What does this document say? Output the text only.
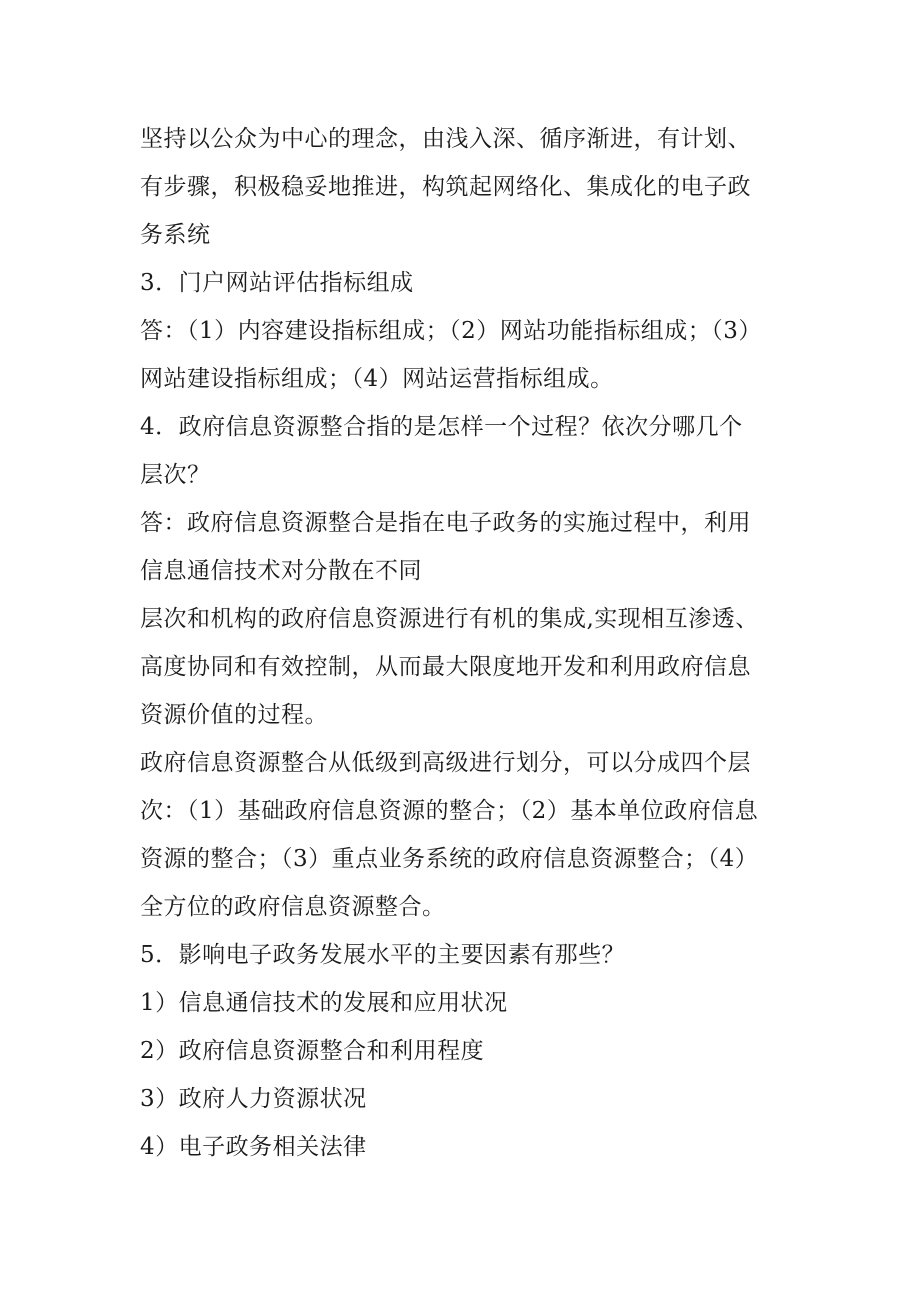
坚持以公众为中心的理念，由浅入深、循序渐进，有计划、
有步骤，积极稳妥地推进，构筑起网络化、集成化的电子政
务系统
3．门户网站评估指标组成
答：（1）内容建设指标组成；（2）网站功能指标组成；（3）
网站建设指标组成；（4）网站运营指标组成。
4．政府信息资源整合指的是怎样一个过程？依次分哪几个
层次？
答：政府信息资源整合是指在电子政务的实施过程中，利用
信息通信技术对分散在不同
层次和机构的政府信息资源进行有机的集成,实现相互渗透、
高度协同和有效控制，从而最大限度地开发和利用政府信息
资源价值的过程。
政府信息资源整合从低级到高级进行划分，可以分成四个层
次：（1）基础政府信息资源的整合；（2）基本单位政府信息
资源的整合；（3）重点业务系统的政府信息资源整合；（4）
全方位的政府信息资源整合。
5．影响电子政务发展水平的主要因素有那些？
1）信息通信技术的发展和应用状况
2）政府信息资源整合和利用程度
3）政府人力资源状况
4）电子政务相关法律
